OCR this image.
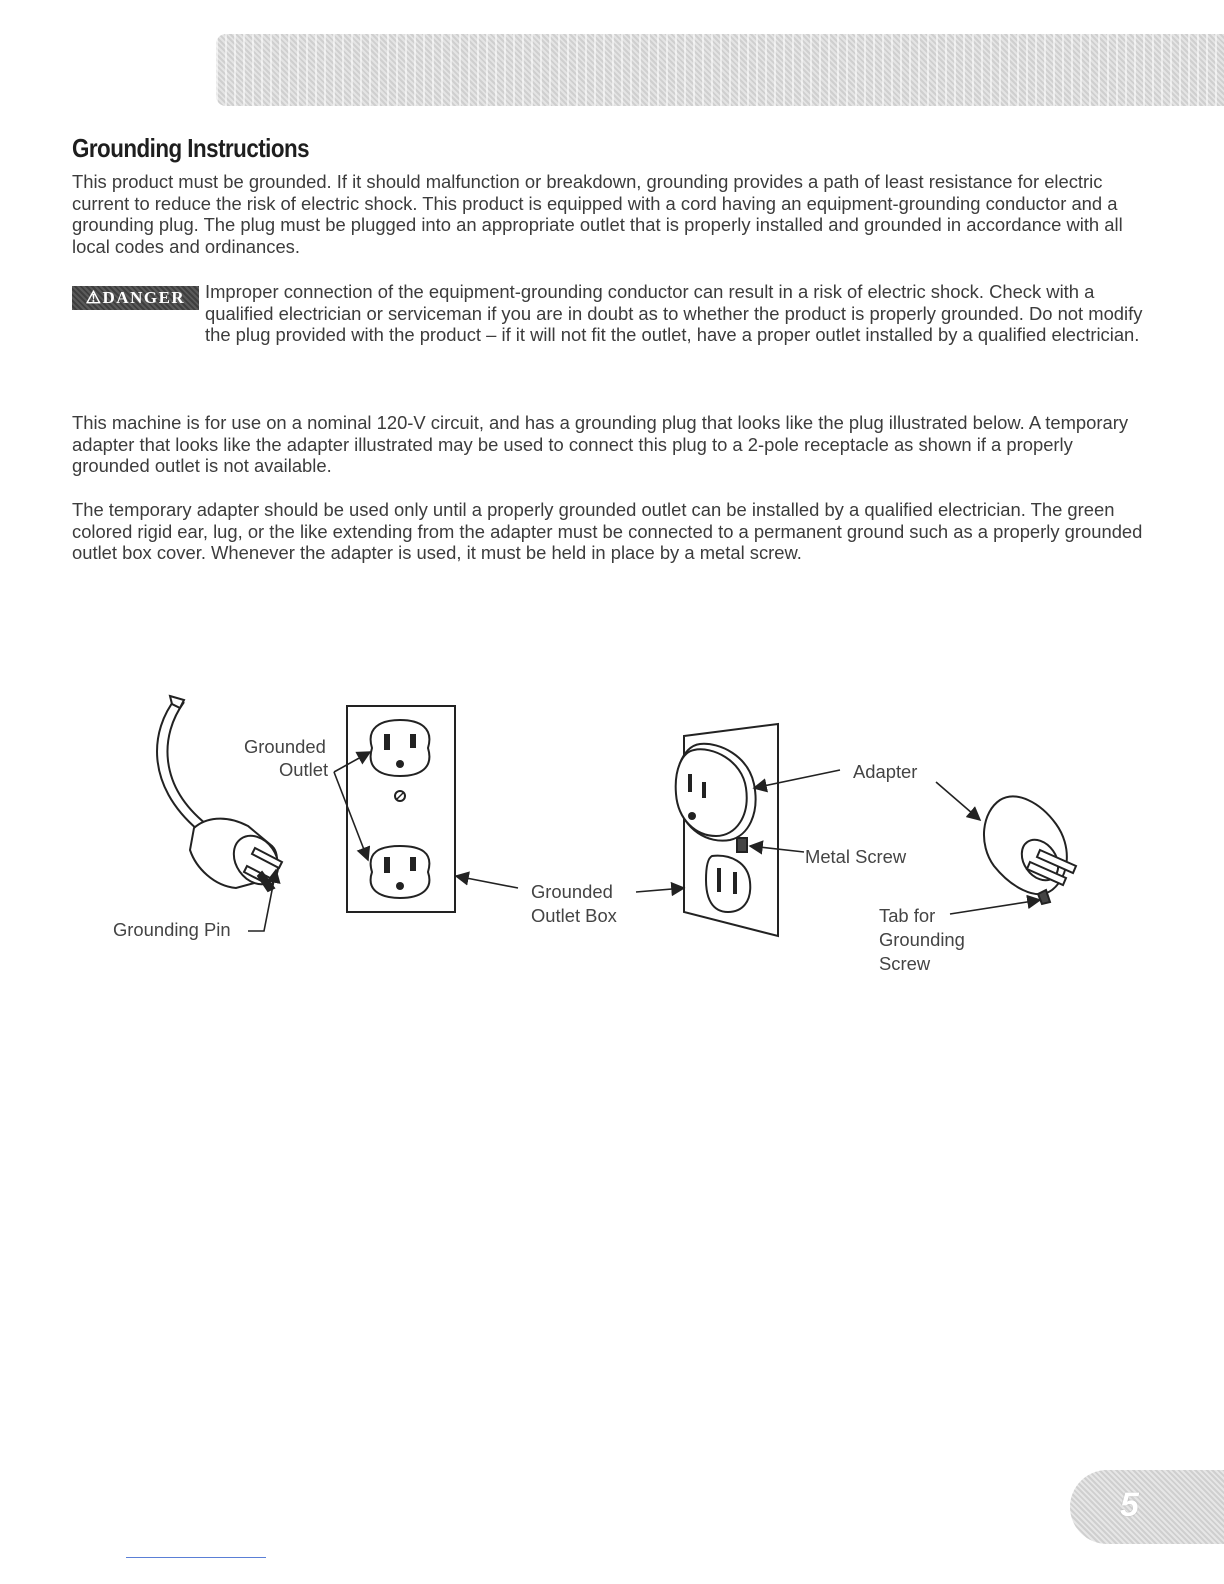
Grounding Instructions

This product must be grounded. If it should malfunction or breakdown, grounding provides a path of least resistance for electric current to reduce the risk of electric shock. This product is equipped with a cord having an equipment-grounding conductor and a grounding plug. The plug must be plugged into an appropriate outlet that is properly installed and grounded in accordance with all local codes and ordinances.

⚠DANGER	Improper connection of the equipment-grounding conductor can result in a risk of electric shock. Check with a qualified electrician or serviceman if you are in doubt as to whether the product is properly grounded. Do not modify the plug provided with the product – if it will not fit the outlet, have a proper outlet installed by a qualified electrician.

This machine is for use on a nominal 120-V circuit, and has a grounding plug that looks like the plug illustrated below. A temporary adapter that looks like the adapter illustrated may be used to connect this plug to a 2-pole receptacle as shown if a properly grounded outlet is not available.

The temporary adapter should be used only until a properly grounded outlet can be installed by a qualified electrician. The green colored rigid ear, lug, or the like extending from the adapter must be connected to a permanent ground such as a properly grounded outlet box cover. Whenever the adapter is used, it must be held in place by a metal screw.

Grounded
Outlet
Grounding Pin
Grounded
Outlet Box
Adapter
Metal Screw
Tab for
Grounding
Screw
5
